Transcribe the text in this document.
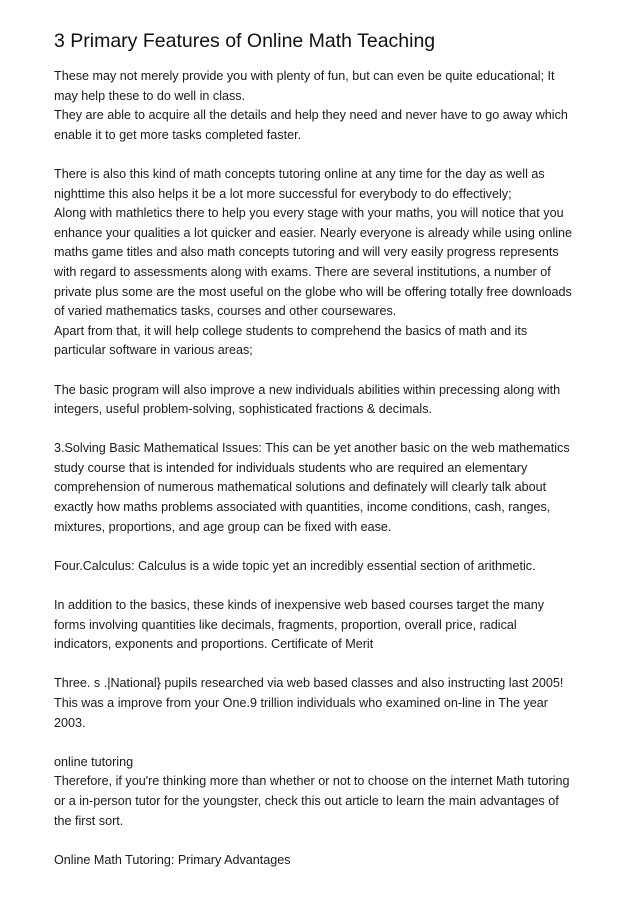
3 Primary Features of Online Math Teaching

These may not merely provide you with plenty of fun, but can even be quite educational; It
may help these to do well in class.
They are able to acquire all the details and help they need and never have to go away which
enable it to get more tasks completed faster.

There is also this kind of math concepts tutoring online at any time for the day as well as
nighttime this also helps it be a lot more successful for everybody to do effectively;
Along with mathletics there to help you every stage with your maths, you will notice that you
enhance your qualities a lot quicker and easier. Nearly everyone is already while using online
maths game titles and also math concepts tutoring and will very easily progress represents
with regard to assessments along with exams. There are several institutions, a number of
private plus some are the most useful on the globe who will be offering totally free downloads
of varied mathematics tasks, courses and other coursewares.
Apart from that, it will help college students to comprehend the basics of math and its
particular software in various areas;

The basic program will also improve a new individuals abilities within precessing along with
integers, useful problem-solving, sophisticated fractions & decimals.

3.Solving Basic Mathematical Issues: This can be yet another basic on the web mathematics
study course that is intended for individuals students who are required an elementary
comprehension of numerous mathematical solutions and definately will clearly talk about
exactly how maths problems associated with quantities, income conditions, cash, ranges,
mixtures, proportions, and age group can be fixed with ease.

Four.Calculus: Calculus is a wide topic yet an incredibly essential section of arithmetic.

In addition to the basics, these kinds of inexpensive web based courses target the many
forms involving quantities like decimals, fragments, proportion, overall price, radical
indicators, exponents and proportions. Certificate of Merit

Three. s .|National} pupils researched via web based classes and also instructing last 2005!
This was a improve from your One.9 trillion individuals who examined on-line in The year
2003.

online tutoring
Therefore, if you're thinking more than whether or not to choose on the internet Math tutoring
or a in-person tutor for the youngster, check this out article to learn the main advantages of
the first sort.

Online Math Tutoring: Primary Advantages
